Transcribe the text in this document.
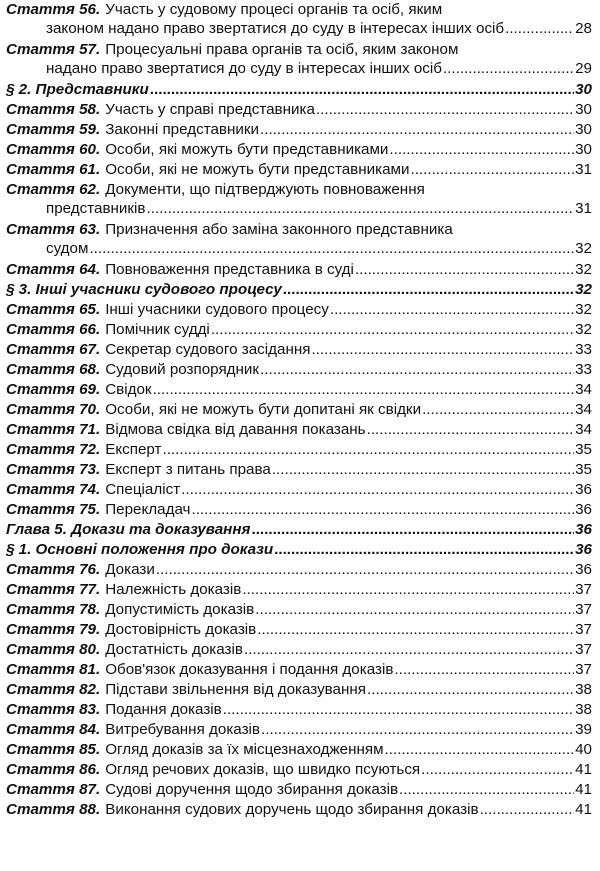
Стаття 56. Участь у судовому процесі органів та осіб, яким
законом надано право звертатися до суду в інтересах інших осіб .....	28
Стаття 57. Процесуальні права органів та осіб, яким законом
надано право звертатися до суду в інтересах інших осіб .....	29
§ 2. Представники .....	30
Стаття 58. Участь у справі представника .....	30
Стаття 59. Законні представники .....	30
Стаття 60. Особи, які можуть бути представниками .....	30
Стаття 61. Особи, які не можуть бути представниками .....	31
Стаття 62. Документи, що підтверджують повноваження
представників .....	31
Стаття 63. Призначення або заміна законного представника
судом .....	32
Стаття 64. Повноваження представника в суді .....	32
§ 3. Інші учасники судового процесу .....	32
Стаття 65. Інші учасники судового процесу .....	32
Стаття 66. Помічник судді .....	32
Стаття 67. Секретар судового засідання .....	33
Стаття 68. Судовий розпорядник .....	33
Стаття 69. Свідок .....	34
Стаття 70. Особи, які не можуть бути допитані як свідки .....	34
Стаття 71. Відмова свідка від давання показань .....	34
Стаття 72. Експерт .....	35
Стаття 73. Експерт з питань права .....	35
Стаття 74. Спеціаліст .....	36
Стаття 75. Перекладач .....	36
Глава 5. Докази та доказування .....	36
§ 1. Основні положення про докази .....	36
Стаття 76. Докази .....	36
Стаття 77. Належність доказів .....	37
Стаття 78. Допустимість доказів .....	37
Стаття 79. Достовірність доказів .....	37
Стаття 80. Достатність доказів .....	37
Стаття 81. Обов'язок доказування і подання доказів .....	37
Стаття 82. Підстави звільнення від доказування .....	38
Стаття 83. Подання доказів .....	38
Стаття 84. Витребування доказів .....	39
Стаття 85. Огляд доказів за їх місцезнаходженням .....	40
Стаття 86. Огляд речових доказів, що швидко псуються .....	41
Стаття 87. Судові доручення щодо збирання доказів .....	41
Стаття 88. Виконання судових доручень щодо збирання доказів .....	41
